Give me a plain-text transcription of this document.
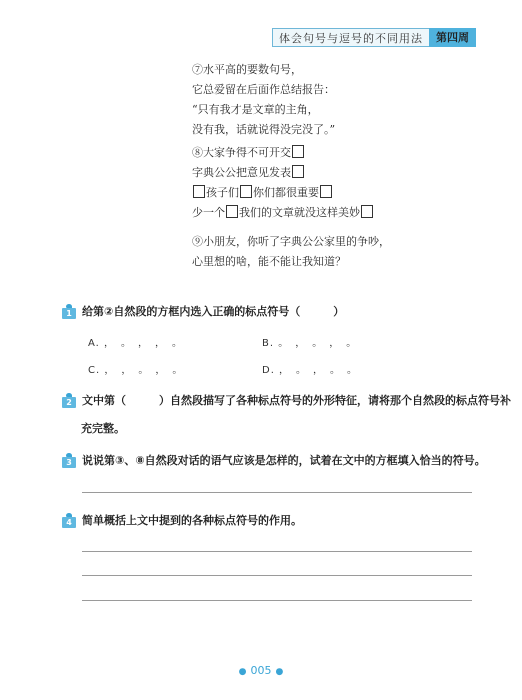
体会句号与逗号的不同用法	第四周

⑦水平高的要数句号，

它总爱留在后面作总结报告：

“只有我才是文章的主角，

没有我，话就说得没完没了。”

⑧大家争得不可开交

字典公公把意见发表

孩子们 你们都很重要

少一个 我们的文章就没这样美妙

⑨小朋友，你听了字典公公家里的争吵，

心里想的啥，能不能让我知道？

1 给第②自然段的方框内选入正确的标点符号（　　　）
A. ，　。　，　，　。	B. 。　，　。　，　。
C. ，　，　。　，　。	D. ，　。　，　。　。
2 文中第（　　　）自然段描写了各种标点符号的外形特征，请将那个自然段的标点符号补
充完整。
3 说说第③、⑧自然段对话的语气应该是怎样的，试着在文中的方框填入恰当的符号。
4 简单概括上文中提到的各种标点符号的作用。
● 005 ●
